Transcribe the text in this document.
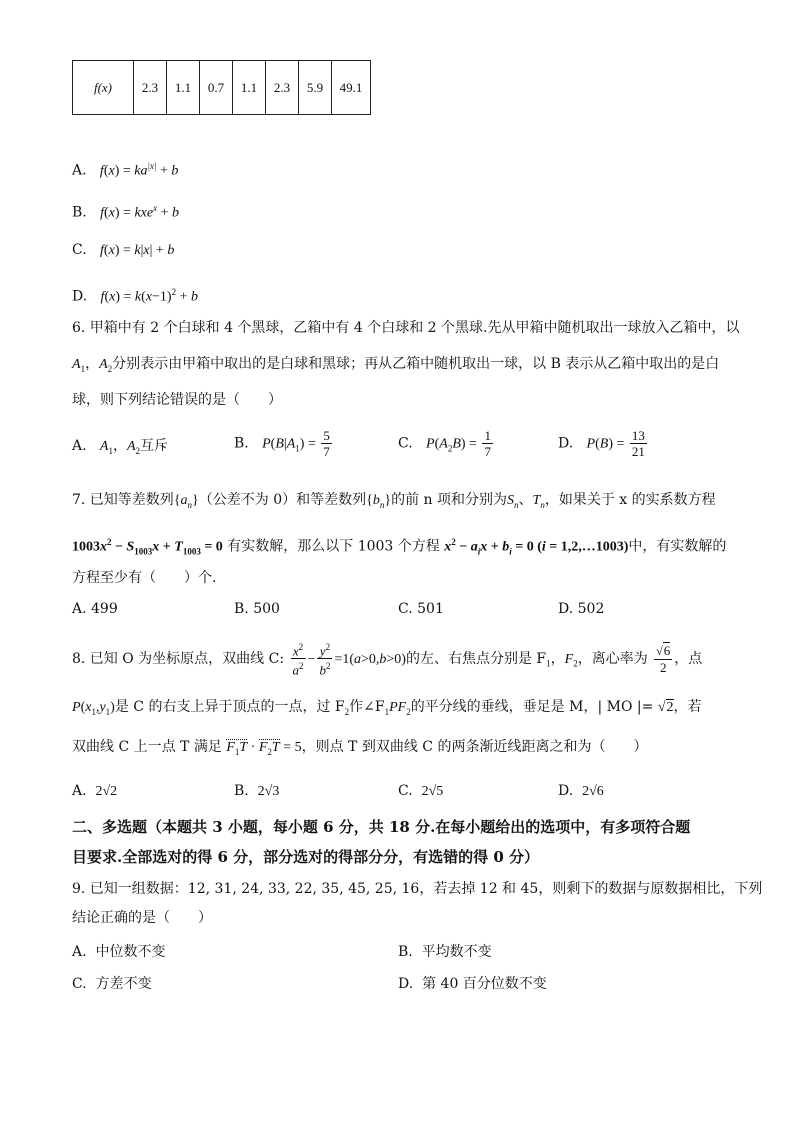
f(x)	2.3	1.1	0.7	1.1	2.3	5.9	49.1
A. $f(x) = ka^{|x|} + b$
B. f(x) = kxe$^x$ + b
C. f(x) = k|x| + b
D. $f(x) = k(x-1)^2 + b$
6. 甲箱中有 2 个白球和 4 个黑球，乙箱中有 4 个白球和 2 个黑球.先从甲箱中随机取出一球放入乙箱中，以
$A_1$，$A_2$分别表示由甲箱中取出的是白球和黑球；再从乙箱中随机取出一球，以 B 表示从乙箱中取出的是白
球，则下列结论错误的是（　　）
A. $A_1$，$A_2$互斥	B. $P(B|A_1) = \frac{5}{7}$	C. $P(A_2B) = \frac{1}{7}$	D. $P(B) = \frac{13}{21}$
7. 已知等差数列$\{a_n\}$（公差不为 0）和等差数列$\{b_n\}$的前 n 项和分别为$S_n$、$T_n$，如果关于 x 的实系数方程
$1003x^2 - S_{1003}x + T_{1003} = 0$ 有实数解，那么以下 1003 个方程 $x^2 - a_ix + b_i = 0$ (i = 1,2,…1003)中，有实数解的
方程至少有（　　）个.
A. 499	B. 500	C. 501	D. 502
8. 已知 O 为坐标原点，双曲线 C: $\frac{x^2}{a^2} - \frac{y^2}{b^2} =1(a>0,b>0)$的左、右焦点分别是 $F_1$，$F_2$，离心率为 $\frac{√6}{2}$ ，点
$P(x_1,y_1)$是 C 的右支上异于顶点的一点，过 $F_2$作$\angle F_1PF_2$的平分线的垂线，垂足是 M，| MO |= √2，若
双曲线 C 上一点 T 满足 $F_1T \cdot F_2T = 5$，则点 T 到双曲线 C 的两条渐近线距离之和为（　　）
A. 2√2	B. 2√3	C. 2√5	D. 2√6
二、多选题（本题共 3 小题，每小题 6 分，共 18 分.在每小题给出的选项中，有多项符合题
目要求.全部选对的得 6 分，部分选对的得部分分，有选错的得 0 分）
9. 已知一组数据：12, 31, 24, 33, 22, 35, 45, 25, 16，若去掉 12 和 45，则剩下的数据与原数据相比，下列
结论正确的是（　　）
A. 中位数不变	B. 平均数不变
C. 方差不变	D. 第 40 百分位数不变
